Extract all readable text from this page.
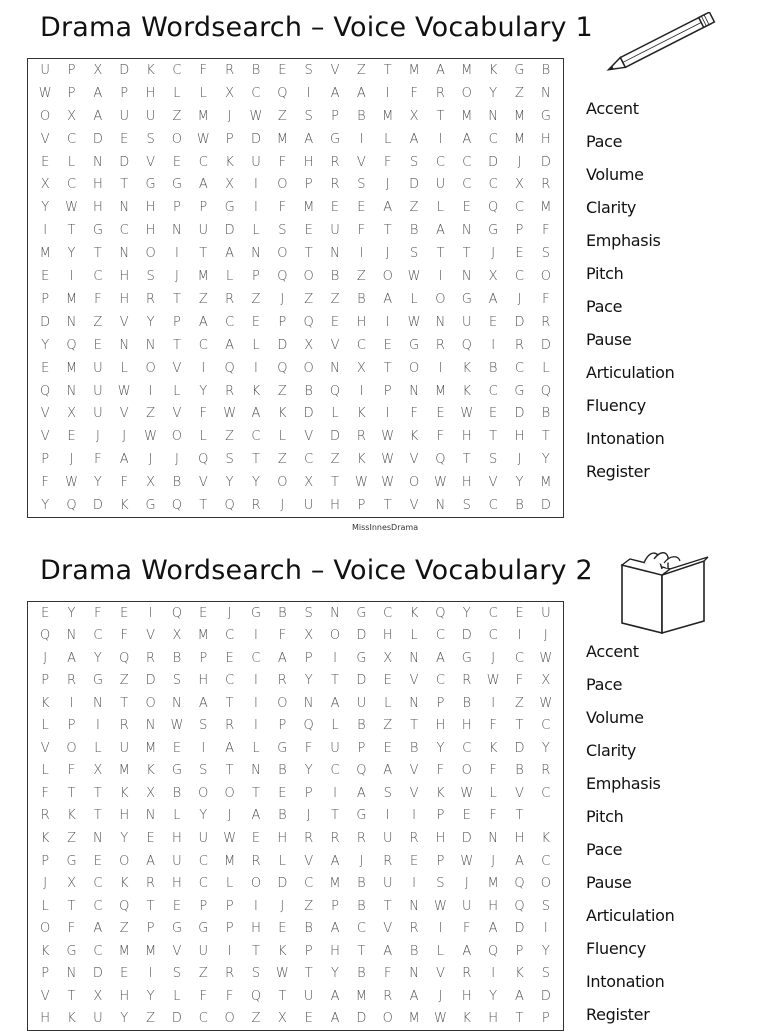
Drama Wordsearch – Voice Vocabulary 1
U	P	X	D	K	C	F	R	B	E	S	V	Z	T	M	A	M	K	G	B
W	P	A	P	H	L	L	X	C	Q	I	A	A	I	F	R	O	Y	Z	N
O	X	A	U	U	Z	M	J	W	Z	S	P	B	M	X	T	M	N	M	G
V	C	D	E	S	O	W	P	D	M	A	G	I	L	A	I	A	C	M	H
E	L	N	D	V	E	C	K	U	F	H	R	V	F	S	C	C	D	J	D
X	C	H	T	G	G	A	X	I	O	P	R	S	J	D	U	C	C	X	R
Y	W	H	N	H	P	P	G	I	F	M	E	E	A	Z	L	E	Q	C	M
I	T	G	C	H	N	U	D	L	S	E	U	F	T	B	A	N	G	P	F
M	Y	T	N	O	I	T	A	N	O	T	N	I	J	S	T	T	J	E	S
E	I	C	H	S	J	M	L	P	Q	O	B	Z	O	W	I	N	X	C	O
P	M	F	H	R	T	Z	R	Z	J	Z	Z	B	A	L	O	G	A	J	F
D	N	Z	V	Y	P	A	C	E	P	Q	E	H	I	W	N	U	E	D	R
Y	Q	E	N	N	T	C	A	L	D	X	V	C	E	G	R	Q	I	R	D
E	M	U	L	O	V	I	Q	I	Q	O	N	X	T	O	I	K	B	C	L
Q	N	U	W	I	L	Y	R	K	Z	B	Q	I	P	N	M	K	C	G	Q
V	X	U	V	Z	V	F	W	A	K	D	L	K	I	F	E	W	E	D	B
V	E	J	J	W	O	L	Z	C	L	V	D	R	W	K	F	H	T	H	T
P	J	F	A	J	J	Q	S	T	Z	C	Z	K	W	V	Q	T	S	J	Y
F	W	Y	F	X	B	V	Y	Y	O	X	T	W	W	O	W	H	V	Y	M
Y	Q	D	K	G	Q	T	Q	R	J	U	H	P	T	V	N	S	C	B	D
Accent
Pace
Volume
Clarity
Emphasis
Pitch
Pace
Pause
Articulation
Fluency
Intonation
Register
MissInnesDrama
Drama Wordsearch – Voice Vocabulary 2
E	Y	F	E	I	Q	E	J	G	B	S	N	G	C	K	Q	Y	C	E	U
Q	N	C	F	V	X	M	C	I	F	X	O	D	H	L	C	D	C	I	J
J	A	Y	Q	R	B	P	E	C	A	P	I	G	X	N	A	G	J	C	W
P	R	G	Z	D	S	H	C	I	R	Y	T	D	E	V	C	R	W	F	X
K	I	N	T	O	N	A	T	I	O	N	A	U	L	N	P	B	I	Z	W
L	P	I	R	N	W	S	R	I	P	Q	L	B	Z	T	H	H	F	T	C
V	O	L	U	M	E	I	A	L	G	F	U	P	E	B	Y	C	K	D	Y
L	F	X	M	K	G	S	T	N	B	Y	C	Q	A	V	F	O	F	B	R
F	T	T	K	X	B	O	O	T	E	P	I	A	S	V	K	W	L	V	C
R	K	T	H	N	L	Y	J	A	B	J	T	G	I	I	P	E	F	T
K	Z	N	Y	E	H	U	W	E	H	R	R	R	U	R	H	D	N	H	K
P	G	E	O	A	U	C	M	R	L	V	A	J	R	E	P	W	J	A	C
J	X	C	K	R	H	C	L	O	D	C	M	B	U	I	S	J	M	Q	O
L	T	C	Q	T	E	P	P	I	J	Z	P	B	T	N	W	U	H	Q	S
O	F	A	Z	P	G	G	P	H	E	B	A	C	V	R	I	F	A	D	I
K	G	C	M	M	V	U	I	T	K	P	H	T	A	B	L	A	Q	P	Y
P	N	D	E	I	S	Z	R	S	W	T	Y	B	F	N	V	R	I	K	S
V	T	X	H	Y	L	F	F	Q	T	U	A	M	R	A	J	H	Y	A	D
H	K	U	Y	Z	D	C	O	Z	X	E	A	D	O	M	W	K	H	T	P
Accent
Pace
Volume
Clarity
Emphasis
Pitch
Pace
Pause
Articulation
Fluency
Intonation
Register
